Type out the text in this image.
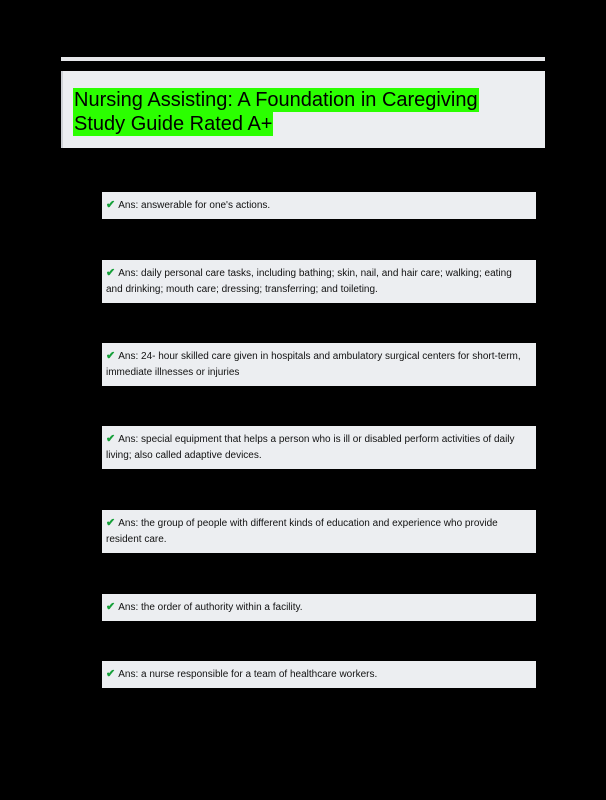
Nursing Assisting: A Foundation in Caregiving
Study Guide Rated A+
✔ Ans: answerable for one's actions.
✔ Ans: daily personal care tasks, including bathing; skin, nail, and hair care; walking; eating and drinking; mouth care; dressing; transferring; and toileting.
✔ Ans: 24- hour skilled care given in hospitals and ambulatory surgical centers for short-term, immediate illnesses or injuries
✔ Ans: special equipment that helps a person who is ill or disabled perform activities of daily living; also called adaptive devices.
✔ Ans: the group of people with different kinds of education and experience who provide resident care.
✔ Ans: the order of authority within a facility.
✔ Ans: a nurse responsible for a team of healthcare workers.
